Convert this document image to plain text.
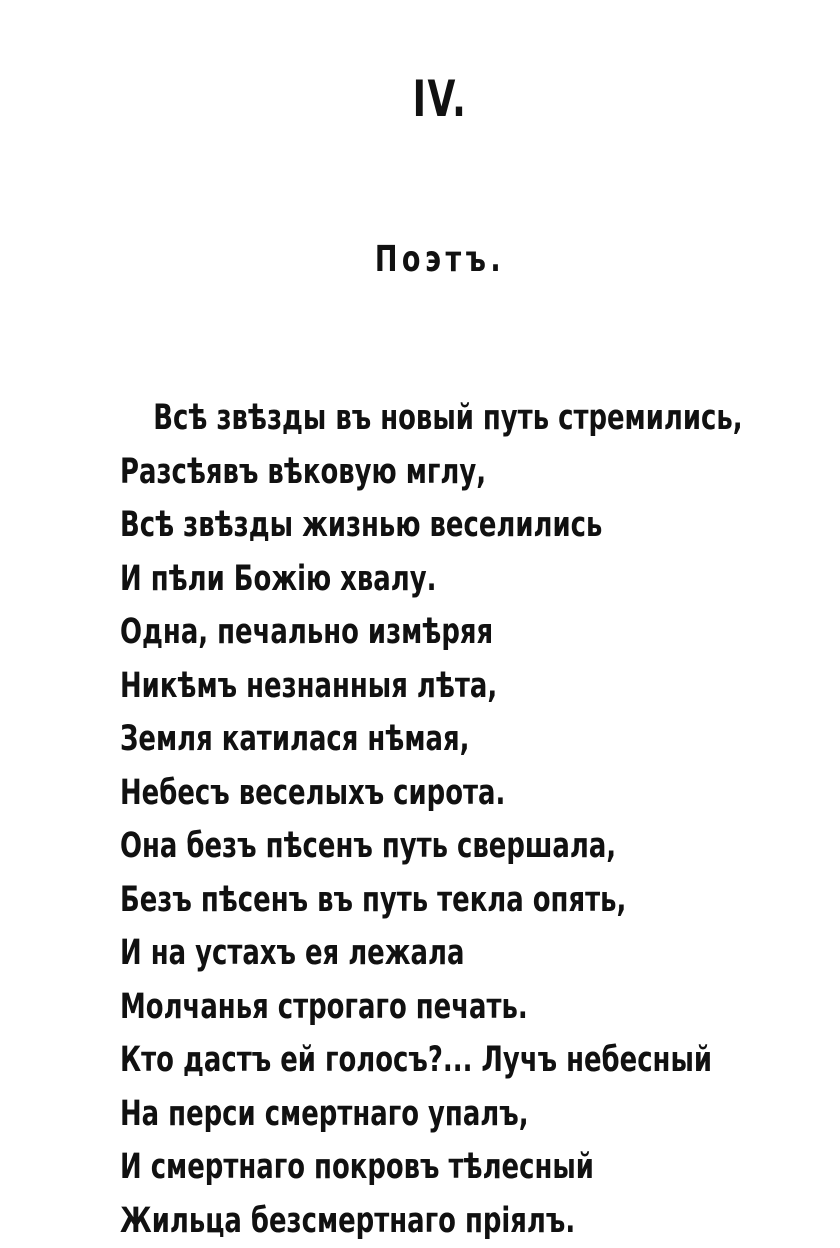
IV.
Поэтъ.
Всѣ звѣзды въ новый путь стремились,
Разсѣявъ вѣковую мглу,
Всѣ звѣзды жизнью веселились
И пѣли Божію хвалу.
Одна, печально измѣряя
Никѣмъ незнанныя лѣта,
Земля катилася нѣмая,
Небесъ веселыхъ сирота.
Она безъ пѣсенъ путь свершала,
Безъ пѣсенъ въ путь текла опять,
И на устахъ ея лежала
Молчанья строгаго печать.
Кто дастъ ей голосъ?... Лучъ небесный
На перси смертнаго упалъ,
И смертнаго покровъ тѣлесный
Жильца безсмертнаго пріялъ.
